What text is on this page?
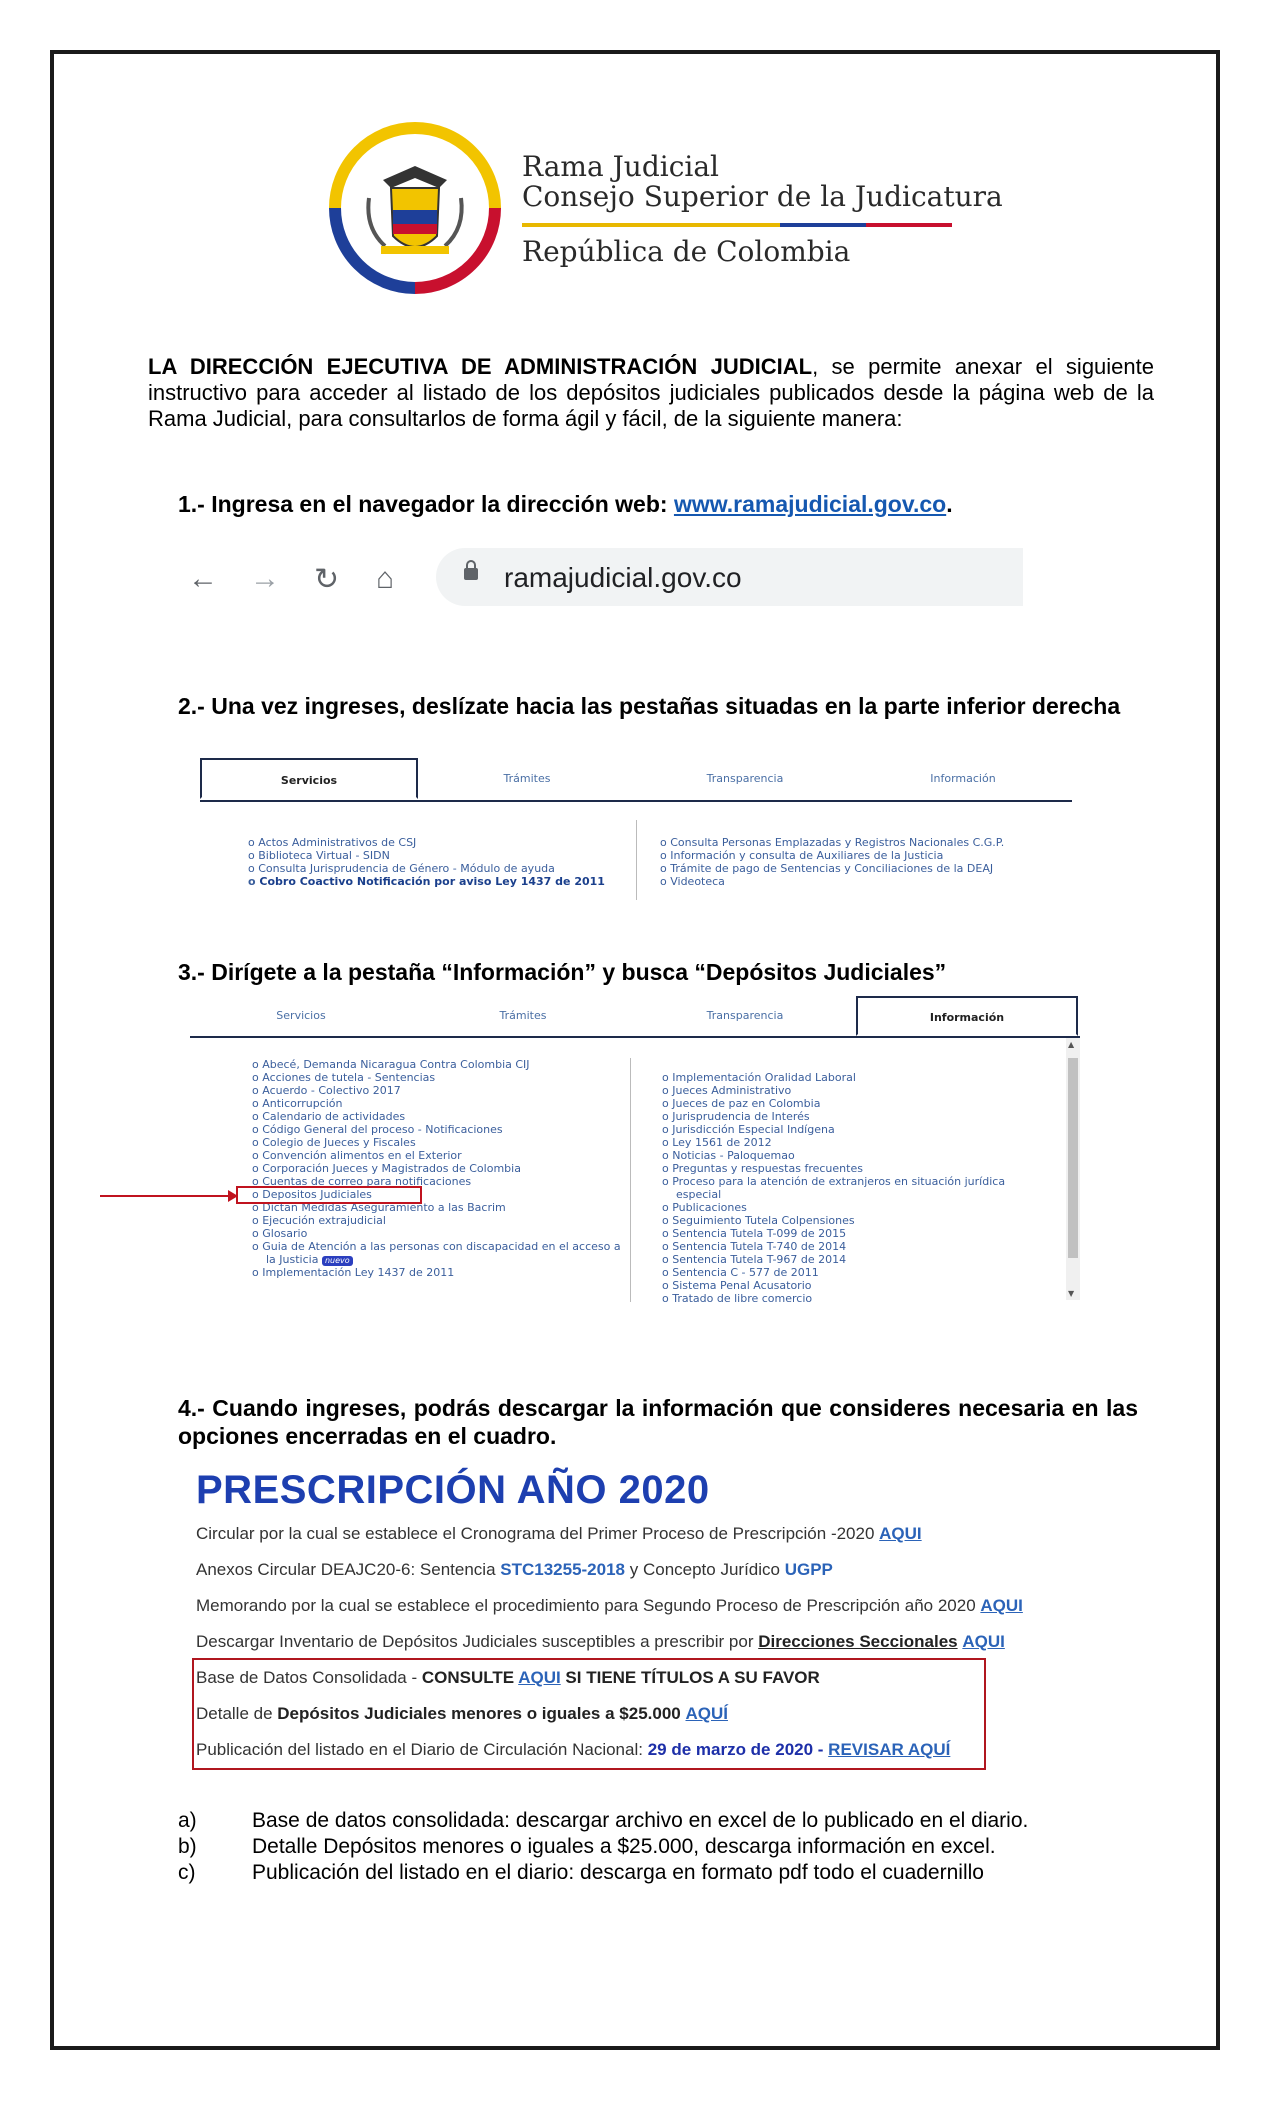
Rama Judicial
Consejo Superior de la Judicatura
República de Colombia
LA DIRECCIÓN EJECUTIVA DE ADMINISTRACIÓN JUDICIAL, se permite anexar el siguiente instructivo para acceder al listado de los depósitos judiciales publicados desde la página web de la Rama Judicial, para consultarlos de forma ágil y fácil, de la siguiente manera:
1.- Ingresa en el navegador la dirección web: www.ramajudicial.gov.co.
← → ↻ ⌂	ramajudicial.gov.co
2.- Una vez ingreses, deslízate hacia las pestañas situadas en la parte inferior derecha
Servicios	Trámites	Transparencia	Información
o Actos Administrativos de CSJ
o Biblioteca Virtual - SIDN
o Consulta Jurisprudencia de Género - Módulo de ayuda
o Cobro Coactivo Notificación por aviso Ley 1437 de 2011
o Consulta Personas Emplazadas y Registros Nacionales C.G.P.
o Información y consulta de Auxiliares de la Justicia
o Trámite de pago de Sentencias y Conciliaciones de la DEAJ
o Videoteca
3.- Dirígete a la pestaña “Información” y busca “Depósitos Judiciales”
Servicios	Trámites	Transparencia	Información
o Abecé, Demanda Nicaragua Contra Colombia CIJ
o Acciones de tutela - Sentencias
o Acuerdo - Colectivo 2017
o Anticorrupción
o Calendario de actividades
o Código General del proceso - Notificaciones
o Colegio de Jueces y Fiscales
o Convención alimentos en el Exterior
o Corporación Jueces y Magistrados de Colombia
o Cuentas de correo para notificaciones
o Depositos Judiciales
o Dictan Medidas Aseguramiento a las Bacrim
o Ejecución extrajudicial
o Glosario
o Guia de Atención a las personas con discapacidad en el acceso a
la Justicia nuevo
o Implementación Ley 1437 de 2011
o Implementación Oralidad Laboral
o Jueces Administrativo
o Jueces de paz en Colombia
o Jurisprudencia de Interés
o Jurisdicción Especial Indígena
o Ley 1561 de 2012
o Noticias - Paloquemao
o Preguntas y respuestas frecuentes
o Proceso para la atención de extranjeros en situación jurídica
especial
o Publicaciones
o Seguimiento Tutela Colpensiones
o Sentencia Tutela T-099 de 2015
o Sentencia Tutela T-740 de 2014
o Sentencia Tutela T-967 de 2014
o Sentencia C - 577 de 2011
o Sistema Penal Acusatorio
o Tratado de libre comercio
▲
▼
4.- Cuando ingreses, podrás descargar la información que consideres necesaria en las opciones encerradas en el cuadro.
PRESCRIPCIÓN AÑO 2020
Circular por la cual se establece el Cronograma del Primer Proceso de Prescripción -2020 AQUI
Anexos Circular DEAJC20-6: Sentencia STC13255-2018 y Concepto Jurídico UGPP
Memorando por la cual se establece el procedimiento para Segundo Proceso de Prescripción año 2020 AQUI
Descargar Inventario de Depósitos Judiciales susceptibles a prescribir por Direcciones Seccionales AQUI
Base de Datos Consolidada - CONSULTE AQUI SI TIENE TÍTULOS A SU FAVOR
Detalle de Depósitos Judiciales menores o iguales a $25.000 AQUÍ
Publicación del listado en el Diario de Circulación Nacional: 29 de marzo de 2020 - REVISAR AQUÍ
a)	Base de datos consolidada: descargar archivo en excel de lo publicado en el diario.
b)	Detalle Depósitos menores o iguales a $25.000, descarga información en excel.
c)	Publicación del listado en el diario: descarga en formato pdf todo el cuadernillo
